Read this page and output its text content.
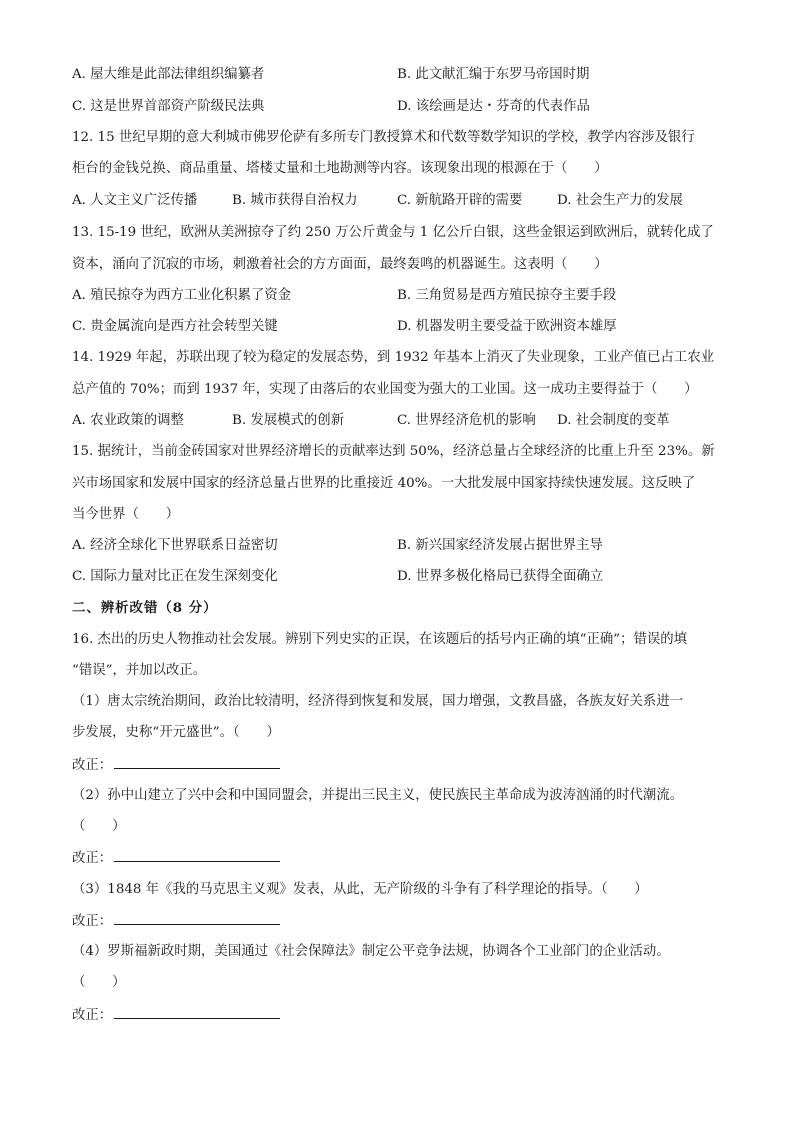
A. 屋大维是此部法律组织编纂者	B. 此文献汇编于东罗马帝国时期
C. 这是世界首部资产阶级民法典	D. 该绘画是达・芬奇的代表作品
12. 15 世纪早期的意大利城市佛罗伦萨有多所专门教授算术和代数等数学知识的学校，教学内容涉及银行
柜台的金钱兑换、商品重量、塔楼丈量和土地勘测等内容。该现象出现的根源在于（　　）
A. 人文主义广泛传播	B. 城市获得自治权力	C. 新航路开辟的需要	D. 社会生产力的发展
13. 15-19 世纪，欧洲从美洲掠夺了约 250 万公斤黄金与 1 亿公斤白银，这些金银运到欧洲后，就转化成了
资本，涌向了沉寂的市场，刺激着社会的方方面面，最终轰鸣的机器诞生。这表明（　　）
A. 殖民掠夺为西方工业化积累了资金	B. 三角贸易是西方殖民掠夺主要手段
C. 贵金属流向是西方社会转型关键	D. 机器发明主要受益于欧洲资本雄厚
14. 1929 年起，苏联出现了较为稳定的发展态势，到 1932 年基本上消灭了失业现象，工业产值已占工农业
总产值的 70%；而到 1937 年，实现了由落后的农业国变为强大的工业国。这一成功主要得益于（　　）
A. 农业政策的调整	B. 发展模式的创新	C. 世界经济危机的影响 D. 社会制度的变革
15. 据统计，当前金砖国家对世界经济增长的贡献率达到 50%，经济总量占全球经济的比重上升至 23%。新
兴市场国家和发展中国家的经济总量占世界的比重接近 40%。一大批发展中国家持续快速发展。这反映了
当今世界（　　）
A. 经济全球化下世界联系日益密切	B. 新兴国家经济发展占据世界主导
C. 国际力量对比正在发生深刻变化	D. 世界多极化格局已获得全面确立
二、辨析改错（8 分）
16. 杰出的历史人物推动社会发展。辨别下列史实的正误，在该题后的括号内正确的填“正确”；错误的填
“错误”，并加以改正。
（1）唐太宗统治期间，政治比较清明，经济得到恢复和发展，国力增强，文教昌盛，各族友好关系进一
步发展，史称“开元盛世”。（　　）
改正：
（2）孙中山建立了兴中会和中国同盟会，并提出三民主义，使民族民主革命成为波涛汹涌的时代潮流。
（　　）
改正：
（3）1848 年《我的马克思主义观》发表，从此，无产阶级的斗争有了科学理论的指导。（　　）
改正：
（4）罗斯福新政时期，美国通过《社会保障法》制定公平竞争法规，协调各个工业部门的企业活动。
（　　）
改正：
